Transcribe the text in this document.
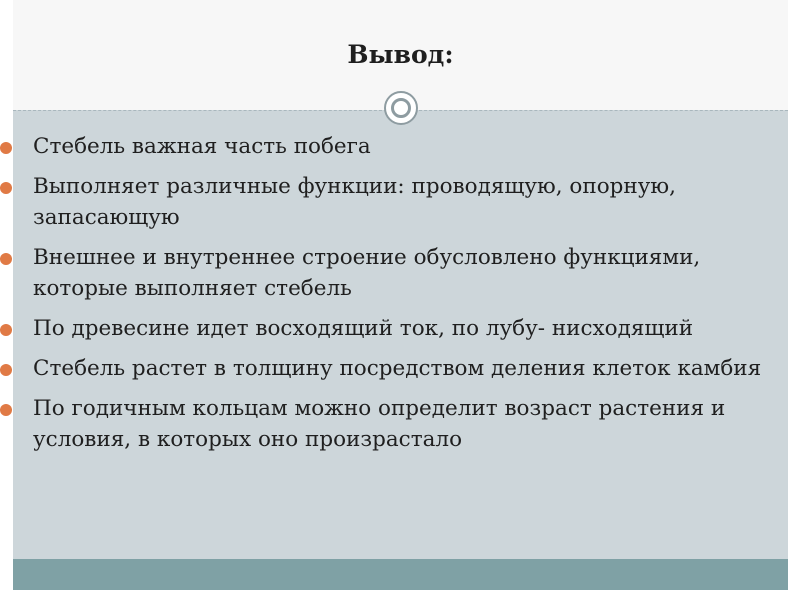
Вывод:
Стебель важная часть побега
Выполняет различные функции: проводящую, опорную, запасающую
Внешнее и внутреннее строение обусловлено функциями, которые выполняет стебель
По древесине идет восходящий ток, по лубу- нисходящий
Стебель растет в толщину посредством деления клеток камбия
По годичным кольцам можно определит возраст растения и условия, в которых оно произрастало
